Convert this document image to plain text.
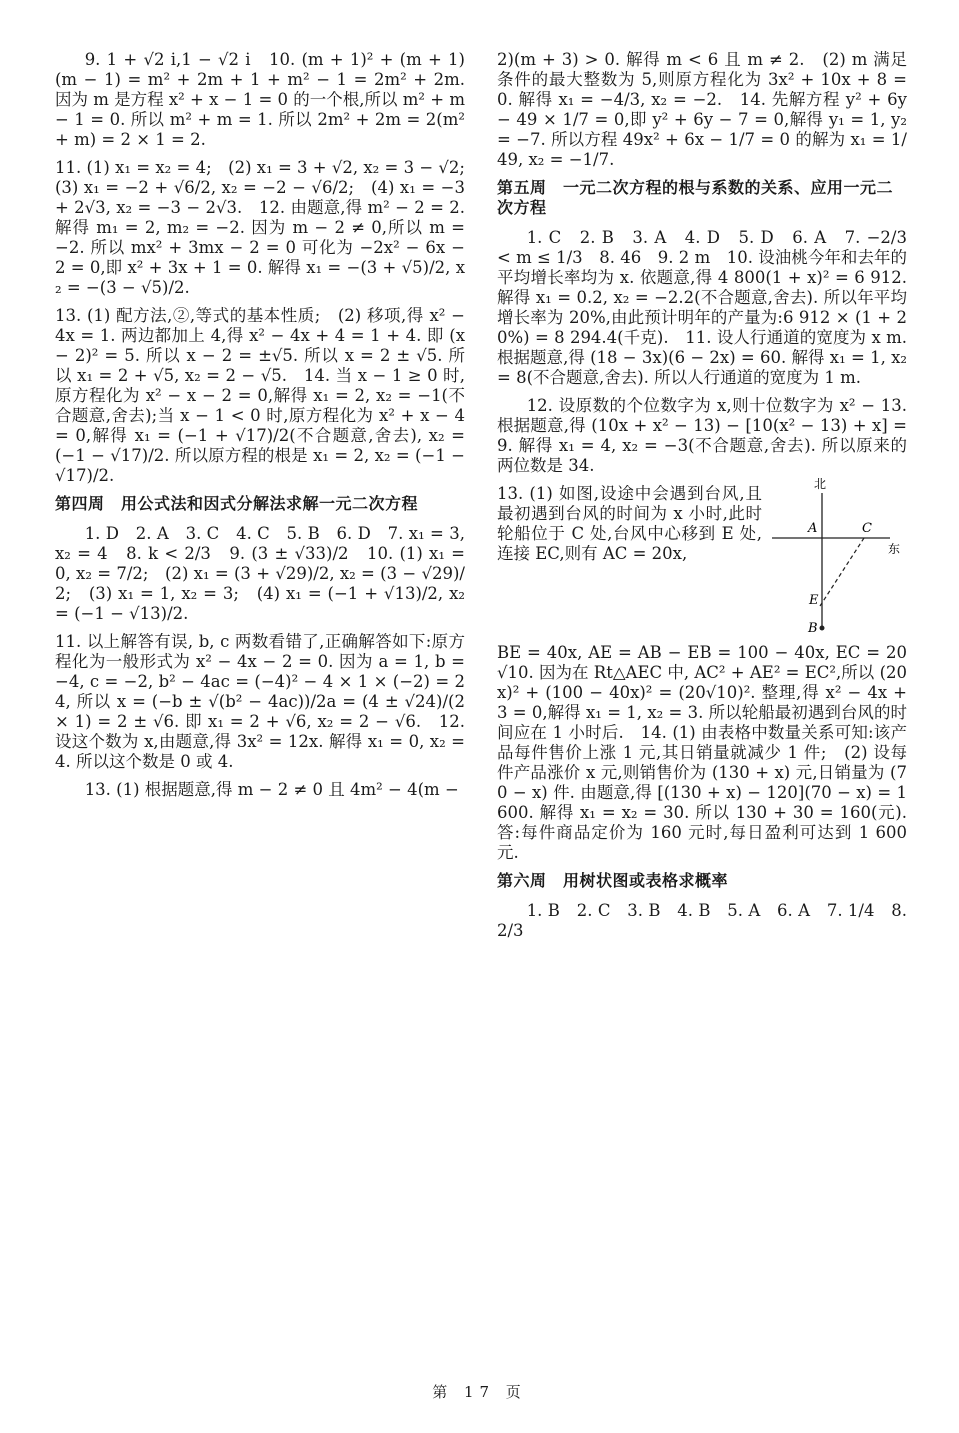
9. 1 + √2 i,1 − √2 i　10. (m + 1)² + (m + 1)(m − 1) = m² + 2m + 1 + m² − 1 = 2m² + 2m. 因为 m 是方程 x² + x − 1 = 0 的一个根,所以 m² + m − 1 = 0. 所以 m² + m = 1. 所以 2m² + 2m = 2(m² + m) = 2 × 1 = 2.

11. (1) x₁ = x₂ = 4;　(2) x₁ = 3 + √2, x₂ = 3 − √2;　(3) x₁ = −2 + √6/2, x₂ = −2 − √6/2;　(4) x₁ = −3 + 2√3, x₂ = −3 − 2√3.　12. 由题意,得 m² − 2 = 2. 解得 m₁ = 2, m₂ = −2. 因为 m − 2 ≠ 0,所以 m = −2. 所以 mx² + 3mx − 2 = 0 可化为 −2x² − 6x − 2 = 0,即 x² + 3x + 1 = 0. 解得 x₁ = −(3 + √5)/2, x₂ = −(3 − √5)/2.

13. (1) 配方法,②,等式的基本性质;　(2) 移项,得 x² − 4x = 1. 两边都加上 4,得 x² − 4x + 4 = 1 + 4. 即 (x − 2)² = 5. 所以 x − 2 = ±√5. 所以 x = 2 ± √5. 所以 x₁ = 2 + √5, x₂ = 2 − √5.　14. 当 x − 1 ≥ 0 时,原方程化为 x² − x − 2 = 0,解得 x₁ = 2, x₂ = −1(不合题意,舍去);当 x − 1 < 0 时,原方程化为 x² + x − 4 = 0,解得 x₁ = (−1 + √17)/2(不合题意,舍去), x₂ = (−1 − √17)/2. 所以原方程的根是 x₁ = 2, x₂ = (−1 − √17)/2.

第四周　用公式法和因式分解法求解一元二次方程

1. D　2. A　3. C　4. C　5. B　6. D　7. x₁ = 3, x₂ = 4　8. k < 2/3　9. (3 ± √33)/2　10. (1) x₁ = 0, x₂ = 7/2;　(2) x₁ = (3 + √29)/2, x₂ = (3 − √29)/2;　(3) x₁ = 1, x₂ = 3;　(4) x₁ = (−1 + √13)/2, x₂ = (−1 − √13)/2.

11. 以上解答有误, b, c 两数看错了,正确解答如下:原方程化为一般形式为 x² − 4x − 2 = 0. 因为 a = 1, b = −4, c = −2, b² − 4ac = (−4)² − 4 × 1 × (−2) = 24, 所以 x = (−b ± √(b² − 4ac))/2a = (4 ± √24)/(2 × 1) = 2 ± √6. 即 x₁ = 2 + √6, x₂ = 2 − √6.　12. 设这个数为 x,由题意,得 3x² = 12x. 解得 x₁ = 0, x₂ = 4. 所以这个数是 0 或 4.

13. (1) 根据题意,得 m − 2 ≠ 0 且 4m² − 4(m −

2)(m + 3) > 0. 解得 m < 6 且 m ≠ 2.　(2) m 满足条件的最大整数为 5,则原方程化为 3x² + 10x + 8 = 0. 解得 x₁ = −4/3, x₂ = −2.　14. 先解方程 y² + 6y − 49 × 1/7 = 0,即 y² + 6y − 7 = 0,解得 y₁ = 1, y₂ = −7. 所以方程 49x² + 6x − 1/7 = 0 的解为 x₁ = 1/49, x₂ = −1/7.

第五周　一元二次方程的根与系数的关系、应用一元二次方程

1. C　2. B　3. A　4. D　5. D　6. A　7. −2/3 < m ≤ 1/3　8. 46　9. 2 m　10. 设油桃今年和去年的平均增长率均为 x. 依题意,得 4 800(1 + x)² = 6 912. 解得 x₁ = 0.2, x₂ = −2.2(不合题意,舍去). 所以年平均增长率为 20%,由此预计明年的产量为:6 912 × (1 + 20%) = 8 294.4(千克).　11. 设人行通道的宽度为 x m. 根据题意,得 (18 − 3x)(6 − 2x) = 60. 解得 x₁ = 1, x₂ = 8(不合题意,舍去). 所以人行通道的宽度为 1 m.

12. 设原数的个位数字为 x,则十位数字为 x² − 13. 根据题意,得 (10x + x² − 13) − [10(x² − 13) + x] = 9. 解得 x₁ = 4, x₂ = −3(不合题意,舍去). 所以原来的两位数是 34.

13. (1) 如图,设途中会遇到台风,且最初遇到台风的时间为 x 小时,此时轮船位于 C 处,台风中心移到 E 处,连接 EC,则有 AC = 20x,

北
东
A	C
E
B

BE = 40x, AE = AB − EB = 100 − 40x, EC = 20√10. 因为在 Rt△AEC 中, AC² + AE² = EC²,所以 (20x)² + (100 − 40x)² = (20√10)². 整理,得 x² − 4x + 3 = 0,解得 x₁ = 1, x₂ = 3. 所以轮船最初遇到台风的时间应在 1 小时后.　14. (1) 由表格中数量关系可知:该产品每件售价上涨 1 元,其日销量就减少 1 件;　(2) 设每件产品涨价 x 元,则销售价为 (130 + x) 元,日销量为 (70 − x) 件. 由题意,得 [(130 + x) − 120](70 − x) = 1 600. 解得 x₁ = x₂ = 30. 所以 130 + 30 = 160(元). 答:每件商品定价为 160 元时,每日盈利可达到 1 600 元.

第六周　用树状图或表格求概率

1. B　2. C　3. B　4. B　5. A　6. A　7. 1/4　8. 2/3

第 17 页
